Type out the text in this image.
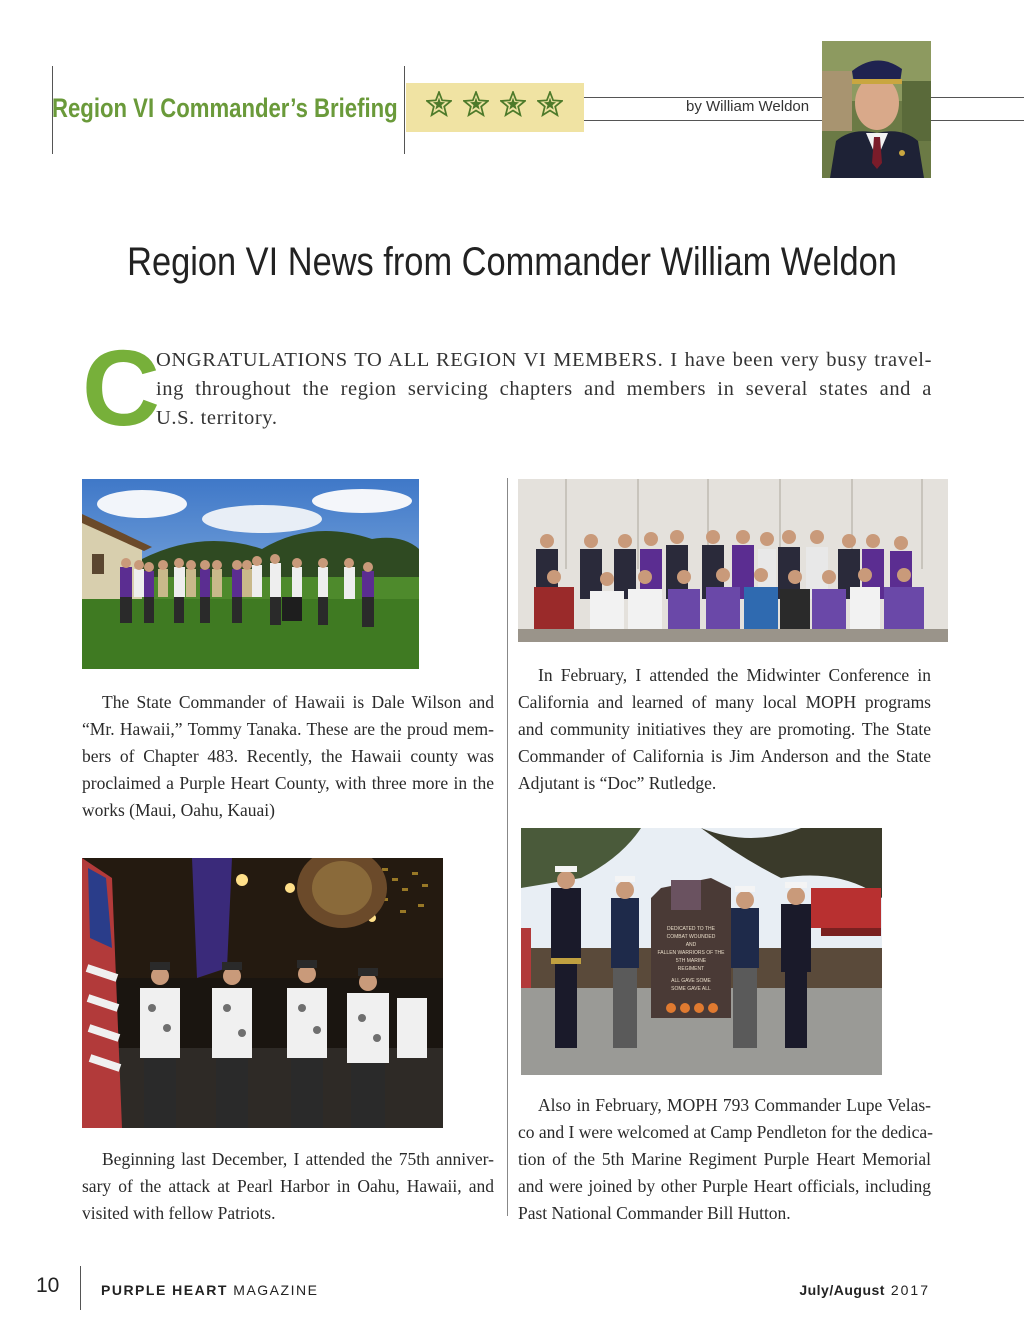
Region VI Commander’s Briefing	by William Weldon
Region VI News from Commander William Weldon
C
ONGRATULATIONS TO ALL REGION VI MEMBERS. I have been very busy travel-
ing throughout the region servicing chapters and members in several states and a
U.S. territory.
The State Commander of Hawaii is Dale Wilson and
“Mr. Hawaii,” Tommy Tanaka. These are the proud mem-
bers of Chapter 483. Recently, the Hawaii county was
proclaimed a Purple Heart County, with three more in the
works (Maui, Oahu, Kauai)
Beginning last December, I attended the 75th anniver-
sary of the attack at Pearl Harbor in Oahu, Hawaii, and
visited with fellow Patriots.
In February, I attended the Midwinter Conference in
California and learned of many local MOPH programs
and community initiatives they are promoting. The State
Commander of California is Jim Anderson and the State
Adjutant is “Doc” Rutledge.
DEDICATED TO THE
COMBAT WOUNDED
AND
FALLEN WARRIORS OF THE
5TH MARINE
REGIMENT
ALL GAVE SOME
SOME GAVE ALL
Also in February, MOPH 793 Commander Lupe Velas-
co and I were welcomed at Camp Pendleton for the dedica-
tion of the 5th Marine Regiment Purple Heart Memorial
and were joined by other Purple Heart officials, including
Past National Commander Bill Hutton.
10	PURPLE HEART MAGAZINE	July/August 2017
